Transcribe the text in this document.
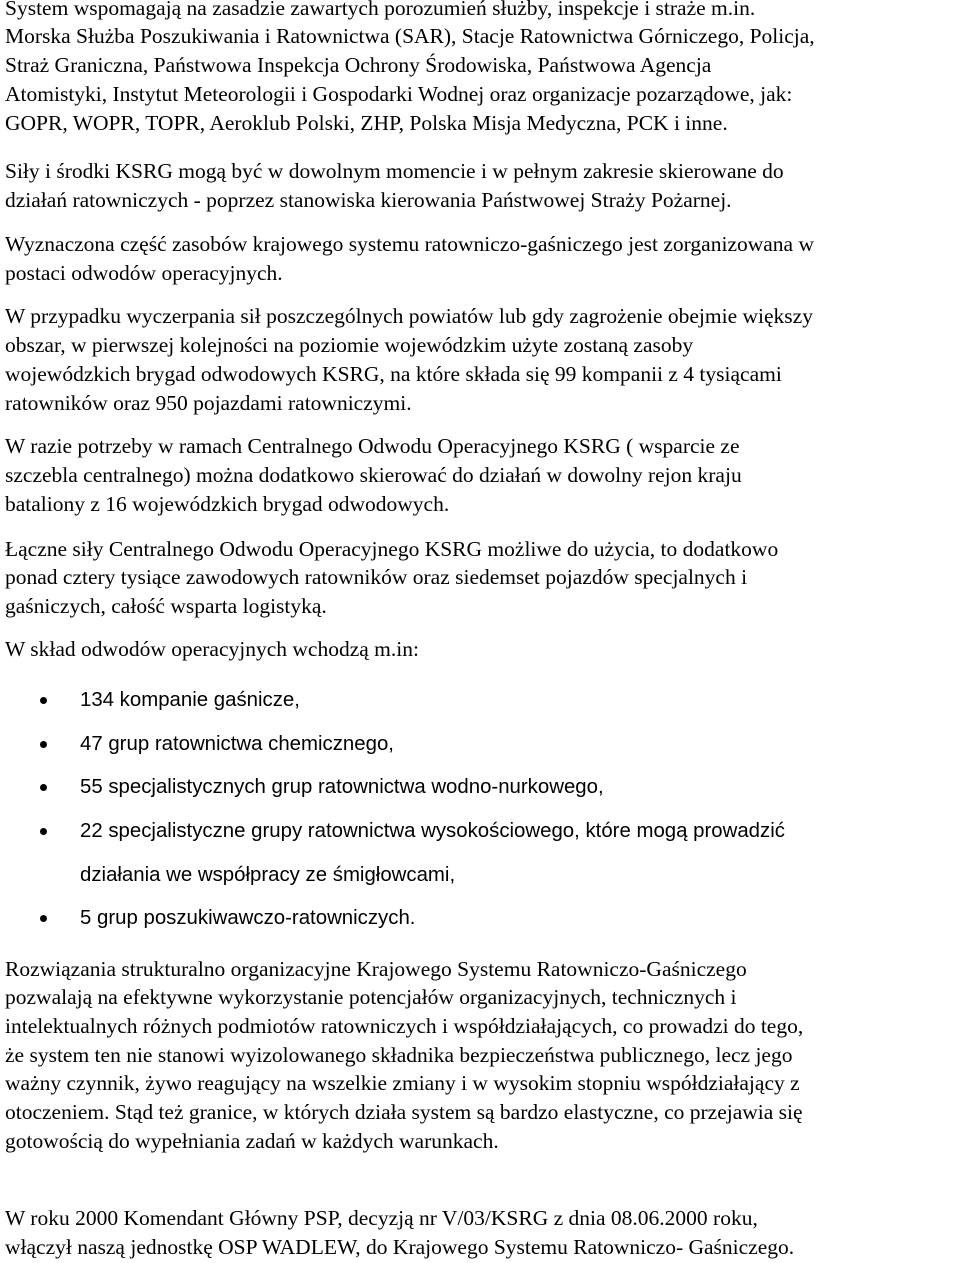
System wspomagają na zasadzie zawartych porozumień służby, inspekcje i straże m.in.
Morska Służba Poszukiwania i Ratownictwa (SAR), Stacje Ratownictwa Górniczego, Policja,
Straż Graniczna, Państwowa Inspekcja Ochrony Środowiska, Państwowa Agencja
Atomistyki, Instytut Meteorologii i Gospodarki Wodnej oraz organizacje pozarządowe, jak:
GOPR, WOPR, TOPR, Aeroklub Polski, ZHP, Polska Misja Medyczna, PCK i inne.
Siły i środki KSRG mogą być w dowolnym momencie i w pełnym zakresie skierowane do
działań ratowniczych - poprzez stanowiska kierowania Państwowej Straży Pożarnej.
Wyznaczona część zasobów krajowego systemu ratowniczo-gaśniczego jest zorganizowana w
postaci odwodów operacyjnych.
W przypadku wyczerpania sił poszczególnych powiatów lub gdy zagrożenie obejmie większy
obszar, w pierwszej kolejności na poziomie wojewódzkim użyte zostaną zasoby
wojewódzkich brygad odwodowych KSRG, na które składa się 99 kompanii z 4 tysiącami
ratowników oraz 950 pojazdami ratowniczymi.
W razie potrzeby w ramach Centralnego Odwodu Operacyjnego KSRG ( wsparcie ze
szczebla centralnego) można dodatkowo skierować do działań w dowolny rejon kraju
bataliony z 16 wojewódzkich brygad odwodowych.
Łączne siły Centralnego Odwodu Operacyjnego KSRG możliwe do użycia, to dodatkowo
ponad cztery tysiące zawodowych ratowników oraz siedemset pojazdów specjalnych i
gaśniczych, całość wsparta logistyką.
W skład odwodów operacyjnych wchodzą m.in:
134 kompanie gaśnicze,
47 grup ratownictwa chemicznego,
55 specjalistycznych grup ratownictwa wodno-nurkowego,
22 specjalistyczne grupy ratownictwa wysokościowego, które mogą prowadzić
działania we współpracy ze śmigłowcami,
5 grup poszukiwawczo-ratowniczych.
Rozwiązania strukturalno organizacyjne Krajowego Systemu Ratowniczo-Gaśniczego
pozwalają na efektywne wykorzystanie potencjałów organizacyjnych, technicznych i
intelektualnych różnych podmiotów ratowniczych i współdziałających, co prowadzi do tego,
że system ten nie stanowi wyizolowanego składnika bezpieczeństwa publicznego, lecz jego
ważny czynnik, żywo reagujący na wszelkie zmiany i w wysokim stopniu współdziałający z
otoczeniem. Stąd też granice, w których działa system są bardzo elastyczne, co przejawia się
gotowością do wypełniania zadań w każdych warunkach.
W roku 2000 Komendant Główny PSP, decyzją nr V/03/KSRG z dnia 08.06.2000 roku,
włączył naszą jednostkę OSP WADLEW, do Krajowego Systemu Ratowniczo- Gaśniczego.
